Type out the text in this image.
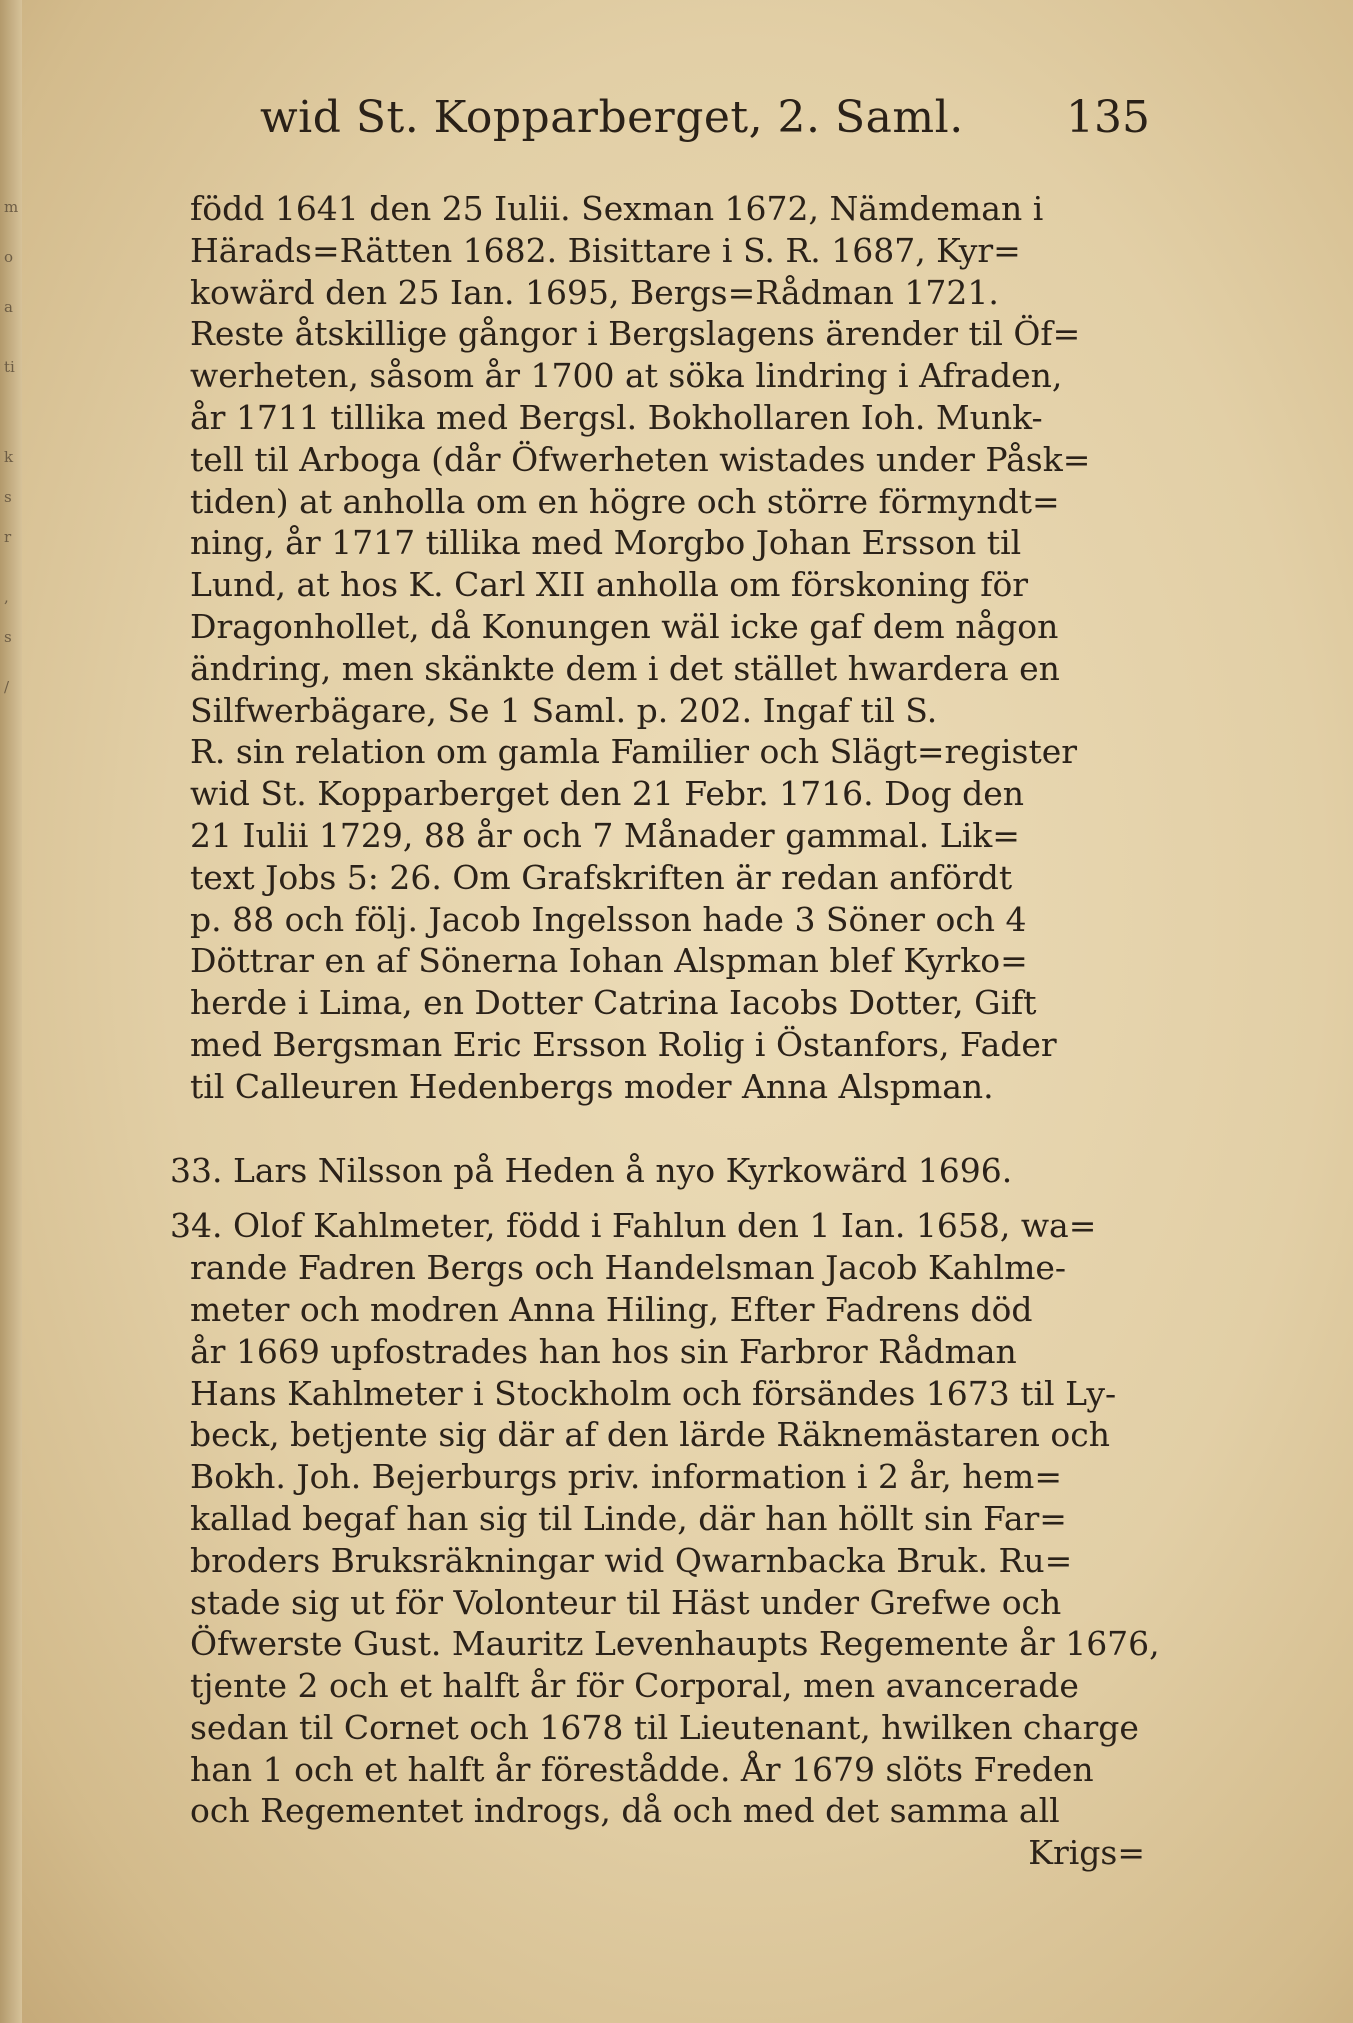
m
o
a
ti
k
s
r
,
s
/
wid St. Kopparberget, 2. Saml. 135
född 1641 den 25 Iulii. Sexman 1672, Nämdeman i
Härads=Rätten 1682. Bisittare i S. R. 1687, Kyr=
kowärd den 25 Ian. 1695, Bergs=Rådman 1721.
Reste åtskillige gångor i Bergslagens ärender til Öf=
werheten, såsom år 1700 at söka lindring i Afraden,
år 1711 tillika med Bergsl. Bokhollaren Ioh. Munk-
tell til Arboga (dår Öfwerheten wistades under Påsk=
tiden) at anholla om en högre och större förmyndt=
ning, år 1717 tillika med Morgbo Johan Ersson til
Lund, at hos K. Carl XII anholla om förskoning för
Dragonhollet, då Konungen wäl icke gaf dem någon
ändring, men skänkte dem i det stället hwardera en
Silfwerbägare, Se 1 Saml. p. 202. Ingaf til S.
R. sin relation om gamla Familier och Slägt=register
wid St. Kopparberget den 21 Febr. 1716. Dog den
21 Iulii 1729, 88 år och 7 Månader gammal. Lik=
text Jobs 5: 26. Om Grafskriften är redan anfördt
p. 88 och följ. Jacob Ingelsson hade 3 Söner och 4
Döttrar en af Sönerna Iohan Alspman blef Kyrko=
herde i Lima, en Dotter Catrina Iacobs Dotter, Gift
med Bergsman Eric Ersson Rolig i Östanfors, Fader
til Calleuren Hedenbergs moder Anna Alspman.
33. Lars Nilsson på Heden å nyo Kyrkowärd 1696.
34. Olof Kahlmeter, född i Fahlun den 1 Ian. 1658, wa=
rande Fadren Bergs och Handelsman Jacob Kahlme-
meter och modren Anna Hiling, Efter Fadrens död
år 1669 upfostrades han hos sin Farbror Rådman
Hans Kahlmeter i Stockholm och försändes 1673 til Ly-
beck, betjente sig där af den lärde Räknemästaren och
Bokh. Joh. Bejerburgs priv. information i 2 år, hem=
kallad begaf han sig til Linde, där han höllt sin Far=
broders Bruksräkningar wid Qwarnbacka Bruk. Ru=
stade sig ut för Volonteur til Häst under Grefwe och
Öfwerste Gust. Mauritz Levenhaupts Regemente år 1676,
tjente 2 och et halft år för Corporal, men avancerade
sedan til Cornet och 1678 til Lieutenant, hwilken charge
han 1 och et halft år förestådde. År 1679 slöts Freden
och Regementet indrogs, då och med det samma all
Krigs=
